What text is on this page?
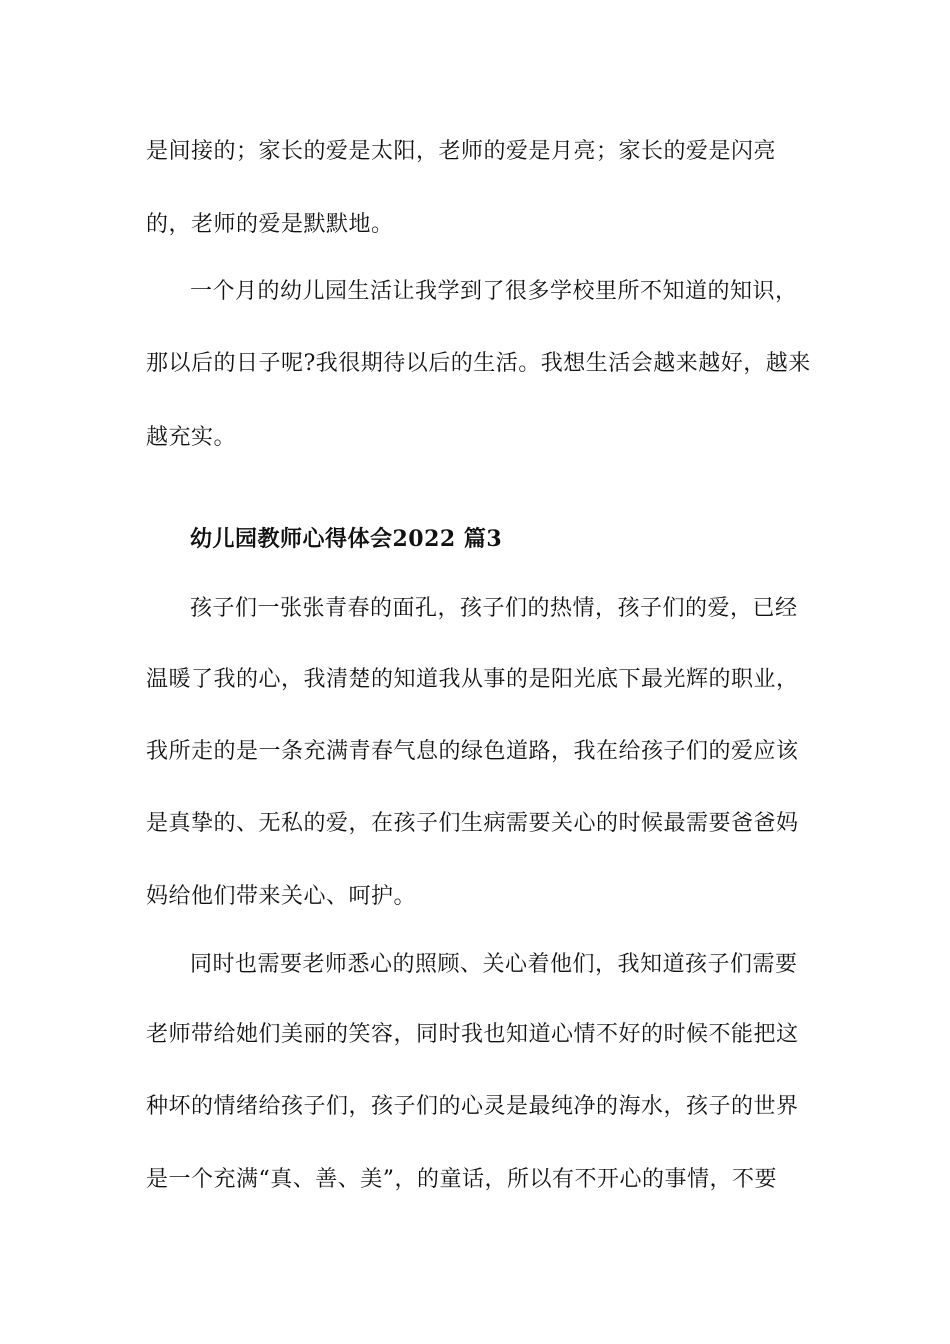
是间接的；家长的爱是太阳，老师的爱是月亮；家长的爱是闪亮
的，老师的爱是默默地。
一个月的幼儿园生活让我学到了很多学校里所不知道的知识，
那以后的日子呢?我很期待以后的生活。我想生活会越来越好，越来
越充实。
幼儿园教师心得体会2022 篇3
孩子们一张张青春的面孔，孩子们的热情，孩子们的爱，已经
温暖了我的心，我清楚的知道我从事的是阳光底下最光辉的职业，
我所走的是一条充满青春气息的绿色道路，我在给孩子们的爱应该
是真挚的、无私的爱，在孩子们生病需要关心的时候最需要爸爸妈
妈给他们带来关心、呵护。
同时也需要老师悉心的照顾、关心着他们，我知道孩子们需要
老师带给她们美丽的笑容，同时我也知道心情不好的时候不能把这
种坏的情绪给孩子们，孩子们的心灵是最纯净的海水，孩子的世界
是一个充满“真、善、美”，的童话，所以有不开心的事情，不要
